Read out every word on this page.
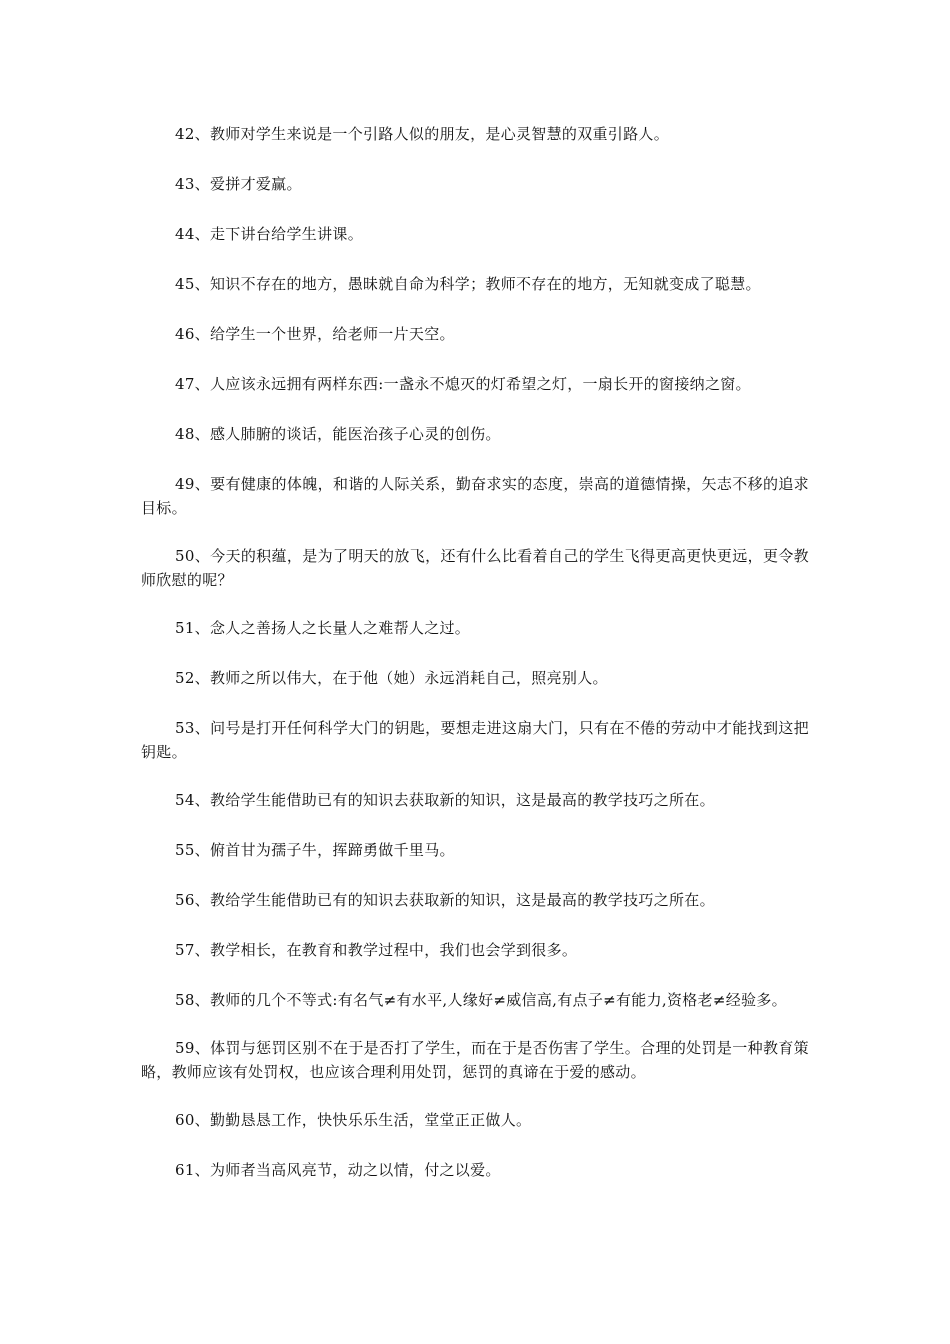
42、教师对学生来说是一个引路人似的朋友，是心灵智慧的双重引路人。

43、爱拼才爱赢。

44、走下讲台给学生讲课。

45、知识不存在的地方，愚昧就自命为科学；教师不存在的地方，无知就变成了聪慧。

46、给学生一个世界，给老师一片天空。

47、人应该永远拥有两样东西:一盏永不熄灭的灯希望之灯，一扇长开的窗接纳之窗。

48、感人肺腑的谈话，能医治孩子心灵的创伤。

49、要有健康的体魄，和谐的人际关系，勤奋求实的态度，崇高的道德情操，矢志不移的追求目标。

50、今天的积蕴，是为了明天的放飞，还有什么比看着自己的学生飞得更高更快更远，更令教师欣慰的呢？

51、念人之善扬人之长量人之难帮人之过。

52、教师之所以伟大，在于他（她）永远消耗自己，照亮别人。

53、问号是打开任何科学大门的钥匙，要想走进这扇大门，只有在不倦的劳动中才能找到这把钥匙。

54、教给学生能借助已有的知识去获取新的知识，这是最高的教学技巧之所在。

55、俯首甘为孺子牛，挥蹄勇做千里马。

56、教给学生能借助已有的知识去获取新的知识，这是最高的教学技巧之所在。

57、教学相长，在教育和教学过程中，我们也会学到很多。

58、教师的几个不等式:有名气≠有水平,人缘好≠威信高,有点子≠有能力,资格老≠经验多。

59、体罚与惩罚区别不在于是否打了学生，而在于是否伤害了学生。合理的处罚是一种教育策略，教师应该有处罚权，也应该合理利用处罚，惩罚的真谛在于爱的感动。

60、勤勤恳恳工作，快快乐乐生活，堂堂正正做人。

61、为师者当高风亮节，动之以情，付之以爱。
